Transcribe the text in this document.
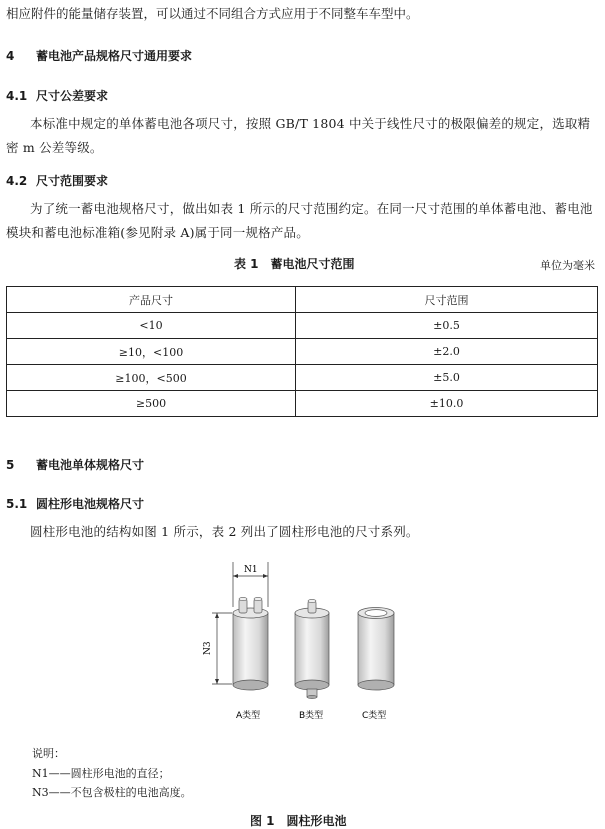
相应附件的能量储存装置，可以通过不同组合方式应用于不同整车车型中。
4 蓄电池产品规格尺寸通用要求
4.1 尺寸公差要求
本标准中规定的单体蓄电池各项尺寸，按照 GB/T 1804 中关于线性尺寸的极限偏差的规定，选取精密 m 公差等级。
4.2 尺寸范围要求
为了统一蓄电池规格尺寸，做出如表 1 所示的尺寸范围约定。在同一尺寸范围的单体蓄电池、蓄电池模块和蓄电池标准箱(参见附录 A)属于同一规格产品。
表 1　蓄电池尺寸范围	单位为毫米
产品尺寸	尺寸范围
<10	±0.5
≥10，<100	±2.0
≥100，<500	±5.0
≥500	±10.0
5 蓄电池单体规格尺寸
5.1 圆柱形电池规格尺寸
圆柱形电池的结构如图 1 所示，表 2 列出了圆柱形电池的尺寸系列。
N1
N3
A类型	B类型	C类型
说明：
N1——圆柱形电池的直径；
N3——不包含极柱的电池高度。
图 1　圆柱形电池
